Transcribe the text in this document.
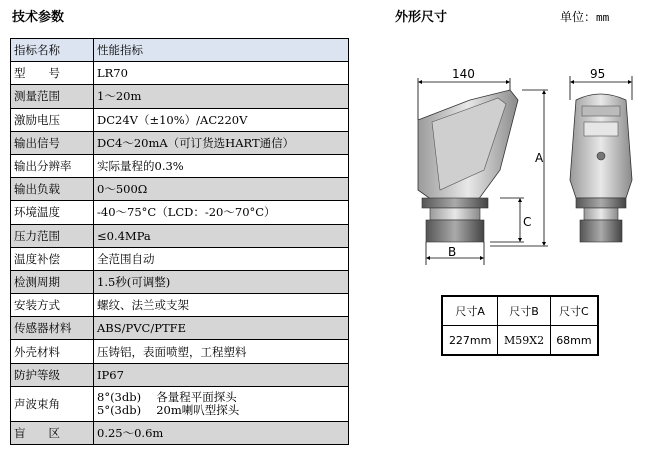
技术参数	外形尺寸	单位：mm
指标名称	性能指标
型　　号	LR70
测量范围	1～20m
激励电压	DC24V（±10%）/AC220V
输出信号	DC4～20mA（可订货选HART通信）
输出分辨率	实际量程的0.3%
输出负载	0～500Ω
环境温度	-40～75°C（LCD：-20～70°C）
压力范围	≤0.4MPa
温度补偿	全范围自动
检测周期	1.5秒(可调整)
安装方式	螺纹、法兰或支架
传感器材料	ABS/PVC/PTFE
外壳材料	压铸铝，表面喷塑，工程塑料
防护等级	IP67
声波束角	8°(3db)　 各量程平面探头
5°(3db)　 20m喇叭型探头

盲　　区	0.25～0.6m
140
B
C
A
95
尺寸A	尺寸B	尺寸C
227mm	M59X2	68mm
